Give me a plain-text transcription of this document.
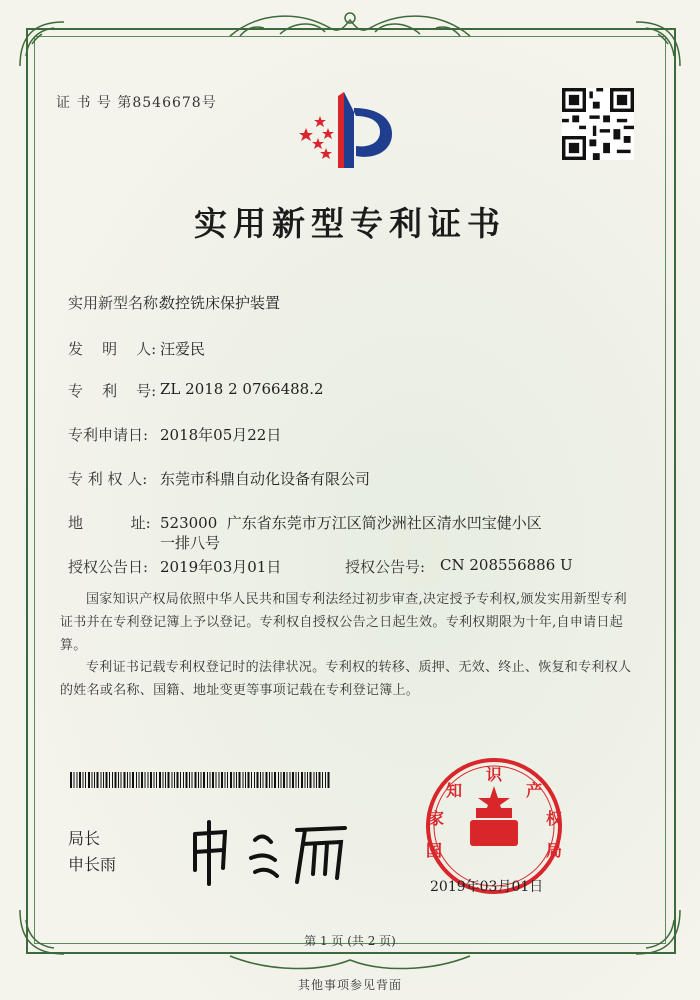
证 书 号 第8546678号
实用新型专利证书
实用新型名称:
数控铣床保护装置
发    明    人: 汪爱民
专    利    号: ZL 2018 2 0766488.2
专利申请日: 2018年05月22日
专 利 权 人: 东莞市科鼎自动化设备有限公司
地          址: 523000  广东省东莞市万江区简沙洲社区清水凹宝健小区
一排八号
授权公告日: 2019年03月01日	授权公告号: CN 208556886 U
国家知识产权局依照中华人民共和国专利法经过初步审查,决定授予专利权,颁发实用新型专利证书并在专利登记簿上予以登记。专利权自授权公告之日起生效。专利权期限为十年,自申请日起算。
专利证书记载专利权登记时的法律状况。专利权的转移、质押、无效、终止、恢复和专利权人的姓名或名称、国籍、地址变更等事项记载在专利登记簿上。
局长
申长雨
国
家
知
识
产
权
局
2019年03月01日
第 1 页 (共 2 页)
其他事项参见背面
